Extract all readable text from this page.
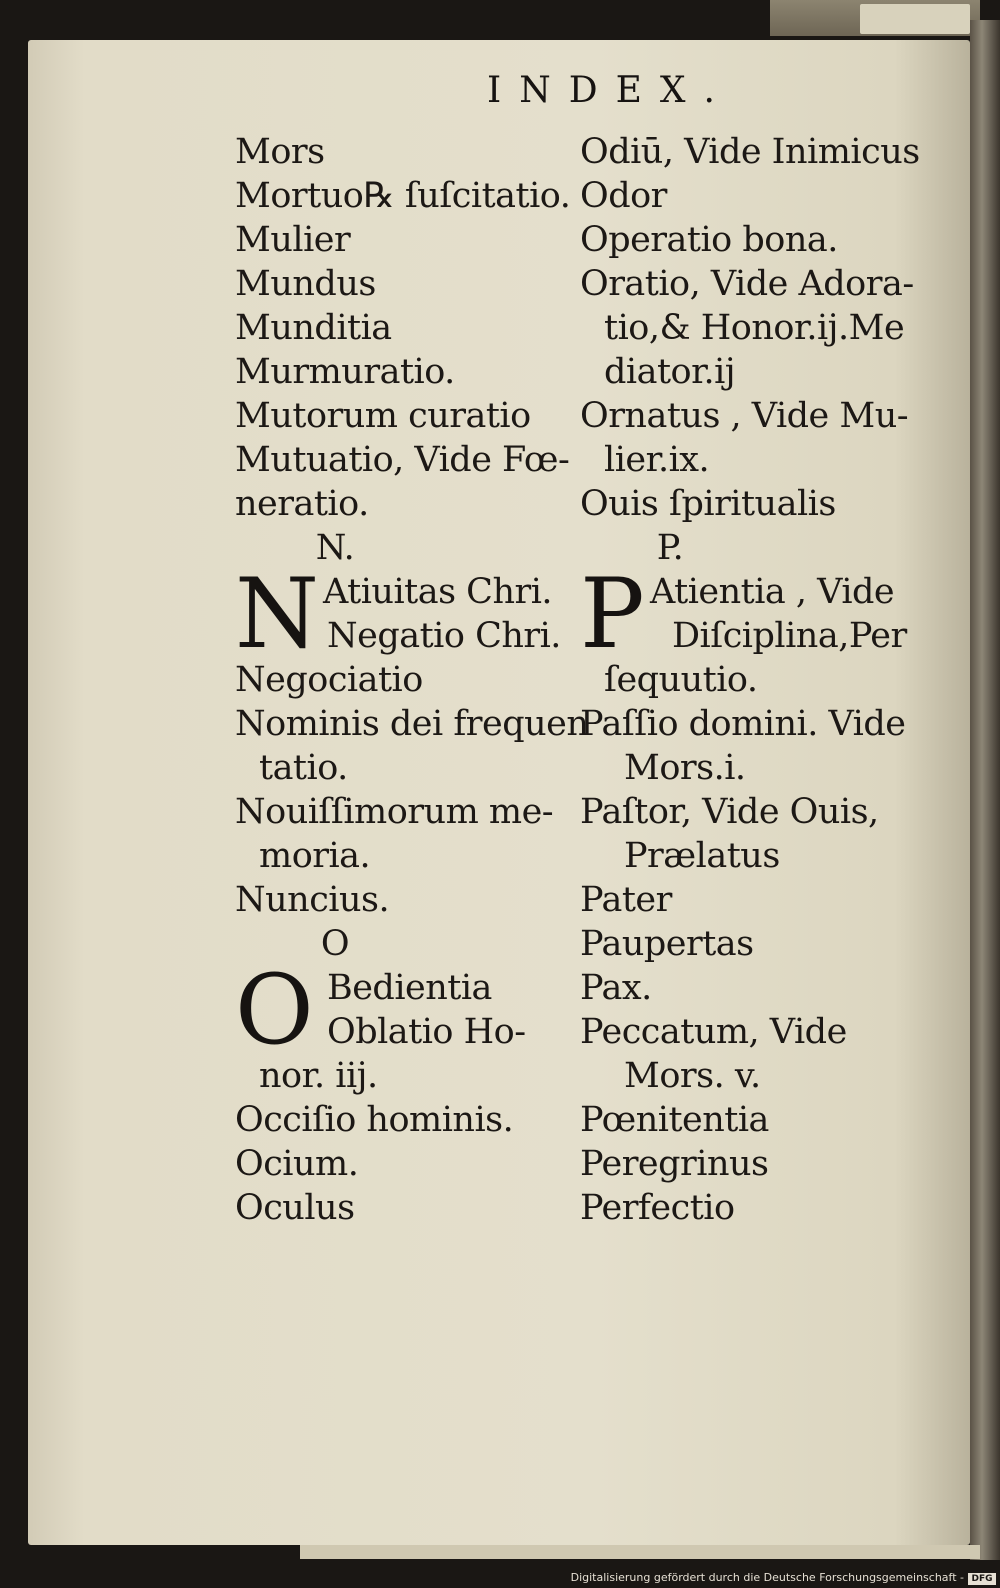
INDEX.
Mors
Mortuo℞ ſuſcitatio.
Mulier
Mundus
Munditia
Murmuratio.
Mutorum curatio
Mutuatio, Vide Fœ-
neratio.
N.
N Atiuitas Chri.
Negatio Chri.
Negociatio
Nominis dei frequen
tatio.
Nouiſſimorum me-
moria.
Nuncius.
O
O Bedientia
Oblatio Ho-
nor. iij.
Occiſio hominis.
Ocium.
Oculus
Odiū, Vide Inimicus
Odor
Operatio bona.
Oratio, Vide Adora-
tio,& Honor.ij.Me
diator.ij
Ornatus , Vide Mu-
lier.ix.
Ouis ſpiritualis
P.
P Atientia , Vide
Diſciplina,Per
ſequutio.
Paſſio domini. Vide
Mors.i.
Paſtor, Vide Ouis,
Prælatus
Pater
Paupertas
Pax.
Peccatum, Vide
Mors. v.
Pœnitentia
Peregrinus
Perfectio
Digitalisierung gefördert durch die Deutsche Forschungsgemeinschaft - DFG
